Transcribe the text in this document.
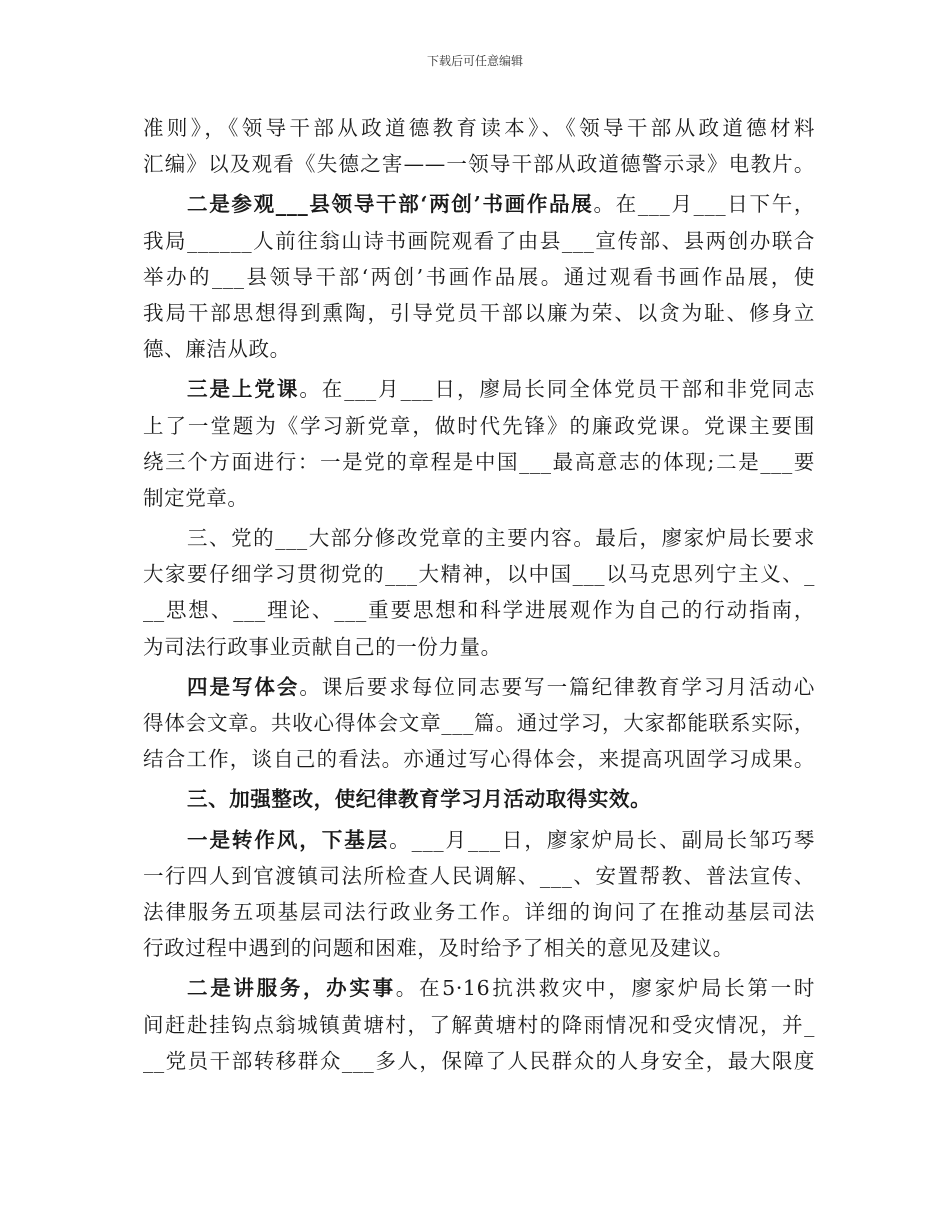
下载后可任意编辑
准则》，《领导干部从政道德教育读本》、《领导干部从政道德材料
汇编》以及观看《失德之害——一领导干部从政道德警示录》电教片。
二是参观___县领导干部‘两创’书画作品展。在___月___日下午，
我局______人前往翁山诗书画院观看了由县___宣传部、县两创办联合
举办的___县领导干部‘两创’书画作品展。通过观看书画作品展，使
我局干部思想得到熏陶，引导党员干部以廉为荣、以贪为耻、修身立
德、廉洁从政。
三是上党课。在___月___日，廖局长同全体党员干部和非党同志
上了一堂题为《学习新党章，做时代先锋》的廉政党课。党课主要围
绕三个方面进行：一是党的章程是中国___最高意志的体现;二是___要
制定党章。
三、党的___大部分修改党章的主要内容。最后，廖家炉局长要求
大家要仔细学习贯彻党的___大精神，以中国___以马克思列宁主义、_
__思想、___理论、___重要思想和科学进展观作为自己的行动指南，
为司法行政事业贡献自己的一份力量。
四是写体会。课后要求每位同志要写一篇纪律教育学习月活动心
得体会文章。共收心得体会文章___篇。通过学习，大家都能联系实际，
结合工作，谈自己的看法。亦通过写心得体会，来提高巩固学习成果。
三、加强整改，使纪律教育学习月活动取得实效。
一是转作风，下基层。___月___日，廖家炉局长、副局长邹巧琴
一行四人到官渡镇司法所检查人民调解、___、安置帮教、普法宣传、
法律服务五项基层司法行政业务工作。详细的询问了在推动基层司法
行政过程中遇到的问题和困难，及时给予了相关的意见及建议。
二是讲服务，办实事。在5·16抗洪救灾中，廖家炉局长第一时
间赶赴挂钩点翁城镇黄塘村，了解黄塘村的降雨情况和受灾情况，并_
__党员干部转移群众___多人，保障了人民群众的人身安全，最大限度
